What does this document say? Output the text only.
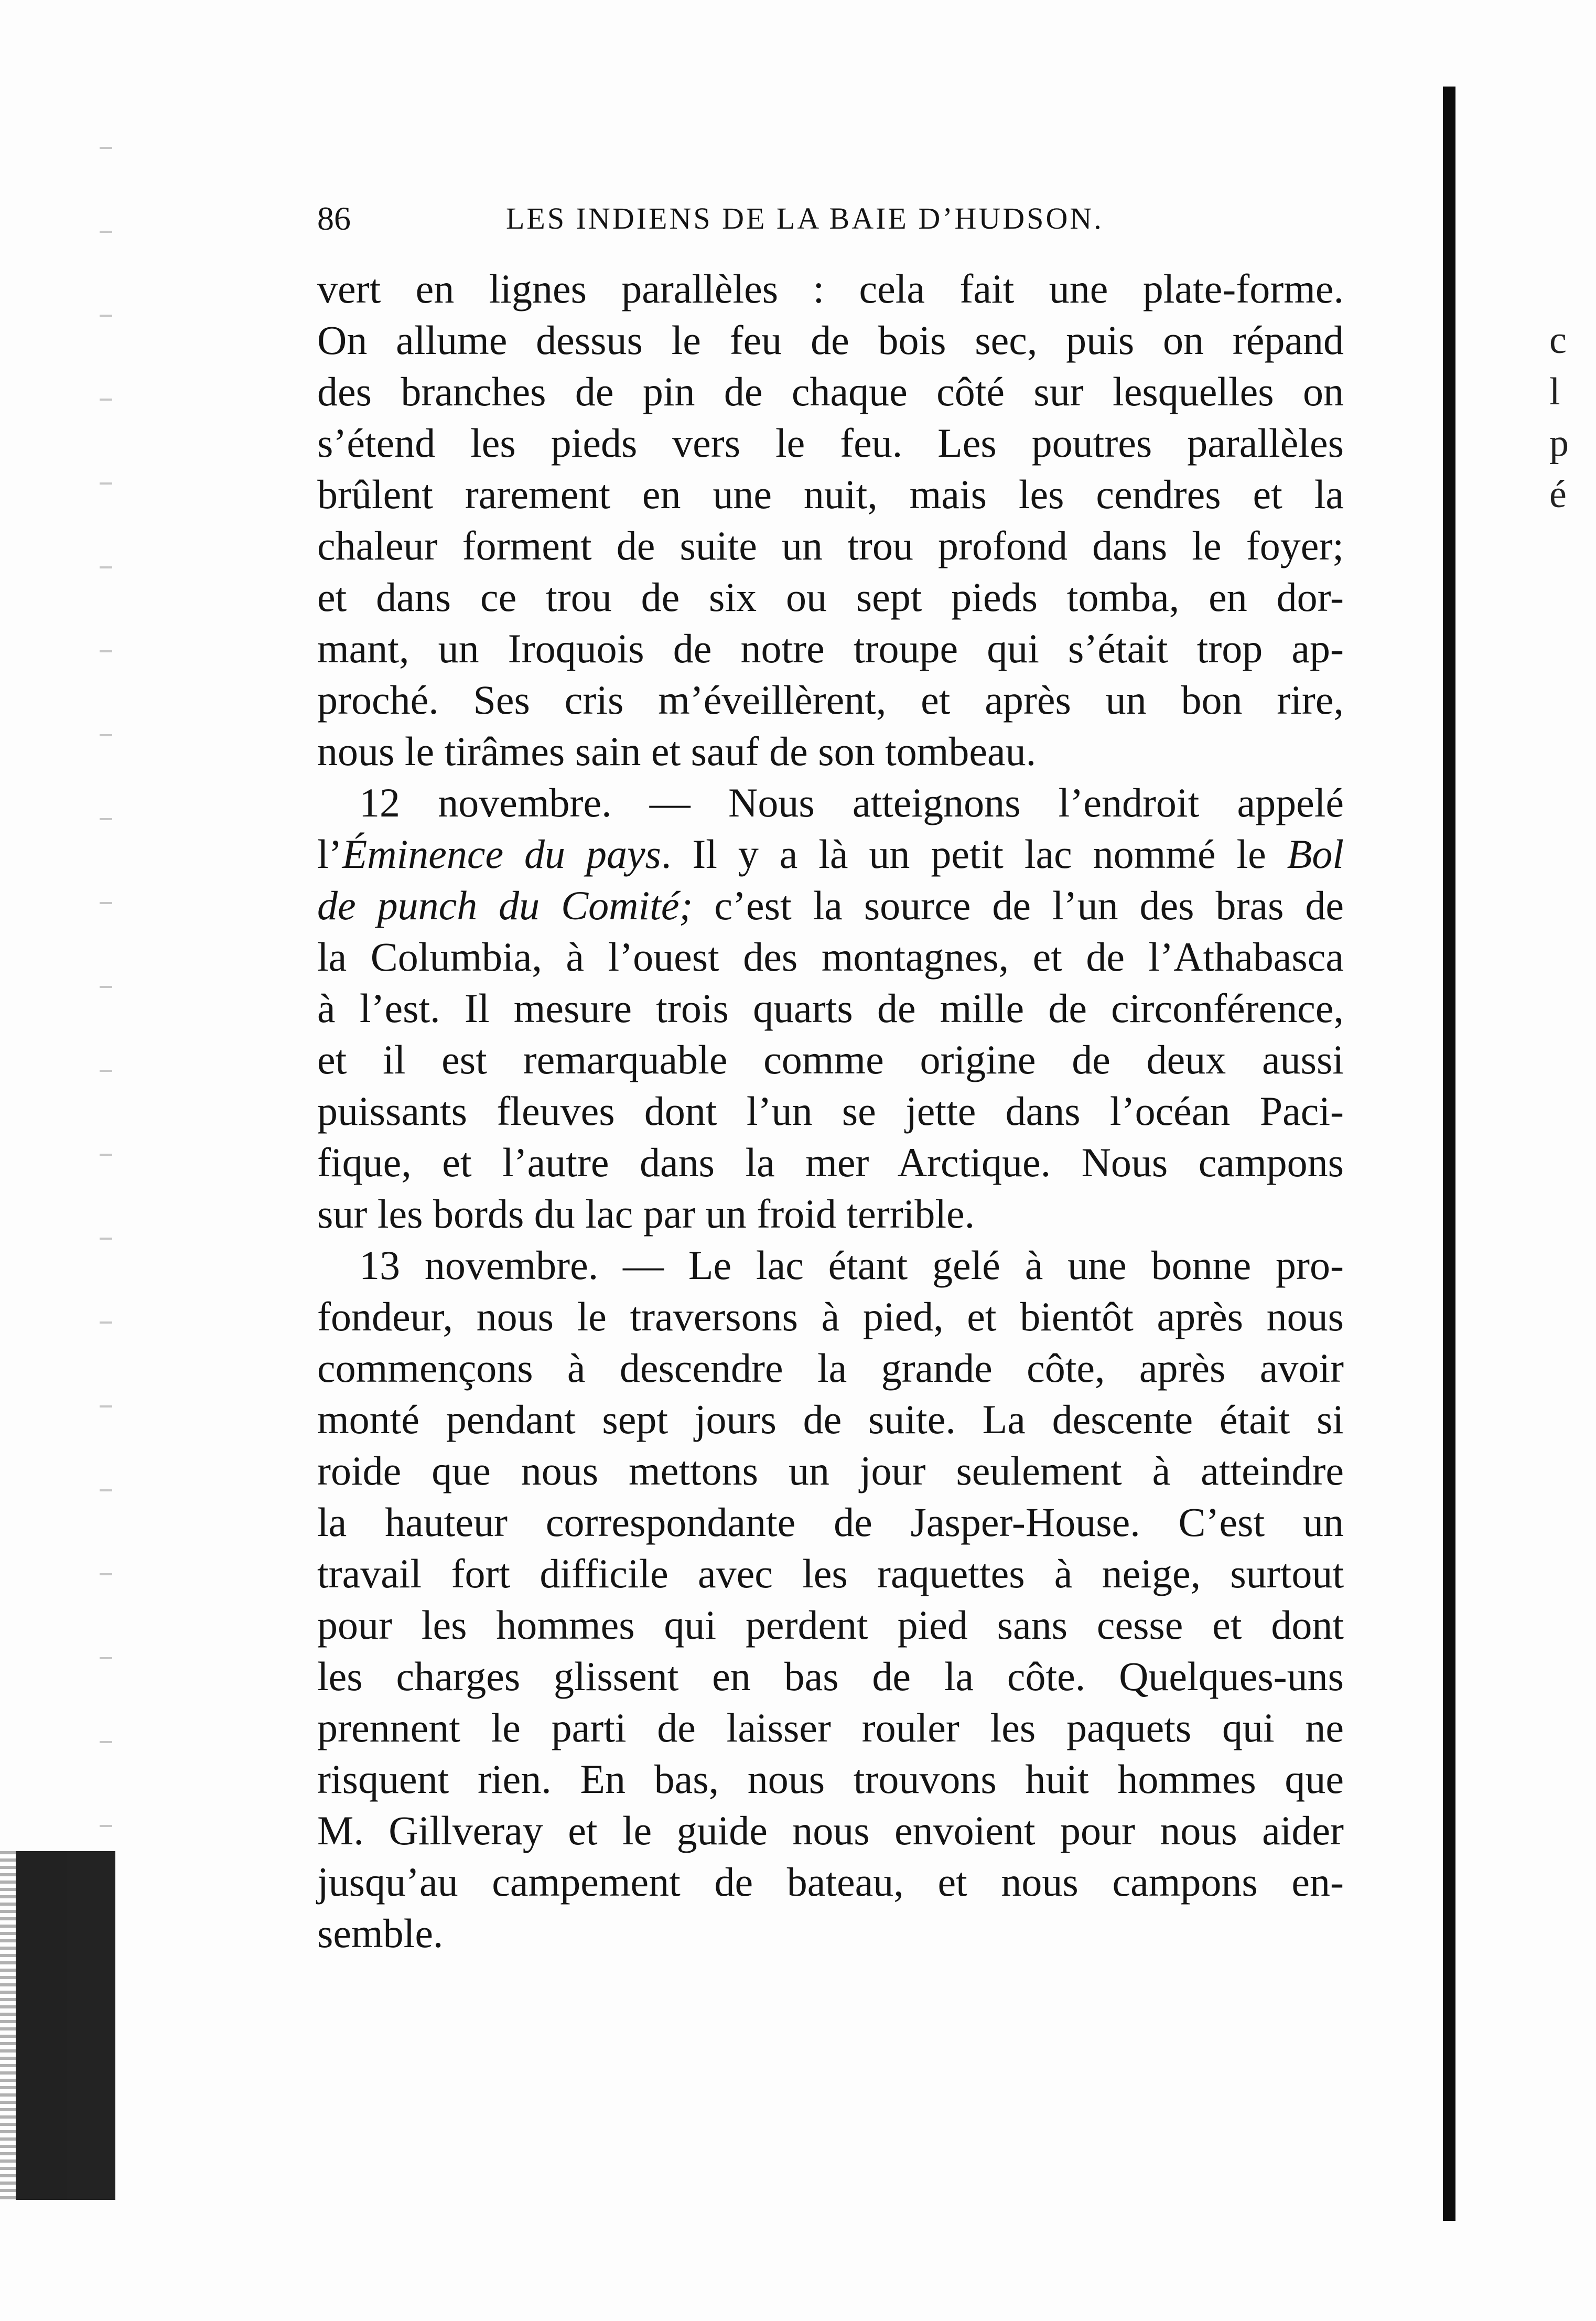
c
l
p
é
86	LES INDIENS DE LA BAIE D’HUDSON.
vert en lignes parallèles : cela fait une plate-forme.
On allume dessus le feu de bois sec, puis on répand
des branches de pin de chaque côté sur lesquelles on
s’étend les pieds vers le feu. Les poutres parallèles
brûlent rarement en une nuit, mais les cendres et la
chaleur forment de suite un trou profond dans le foyer;
et dans ce trou de six ou sept pieds tomba, en dor-
mant, un Iroquois de notre troupe qui s’était trop ap-
proché. Ses cris m’éveillèrent, et après un bon rire,
nous le tirâmes sain et sauf de son tombeau.
12 novembre. — Nous atteignons l’endroit appelé
l’Éminence du pays. Il y a là un petit lac nommé le Bol
de punch du Comité; c’est la source de l’un des bras de
la Columbia, à l’ouest des montagnes, et de l’Athabasca
à l’est. Il mesure trois quarts de mille de circonférence,
et il est remarquable comme origine de deux aussi
puissants fleuves dont l’un se jette dans l’océan Paci-
fique, et l’autre dans la mer Arctique. Nous campons
sur les bords du lac par un froid terrible.
13 novembre. — Le lac étant gelé à une bonne pro-
fondeur, nous le traversons à pied, et bientôt après nous
commençons à descendre la grande côte, après avoir
monté pendant sept jours de suite. La descente était si
roide que nous mettons un jour seulement à atteindre
la hauteur correspondante de Jasper-House. C’est un
travail fort difficile avec les raquettes à neige, surtout
pour les hommes qui perdent pied sans cesse et dont
les charges glissent en bas de la côte. Quelques-uns
prennent le parti de laisser rouler les paquets qui ne
risquent rien. En bas, nous trouvons huit hommes que
M. Gillveray et le guide nous envoient pour nous aider
jusqu’au campement de bateau, et nous campons en-
semble.
